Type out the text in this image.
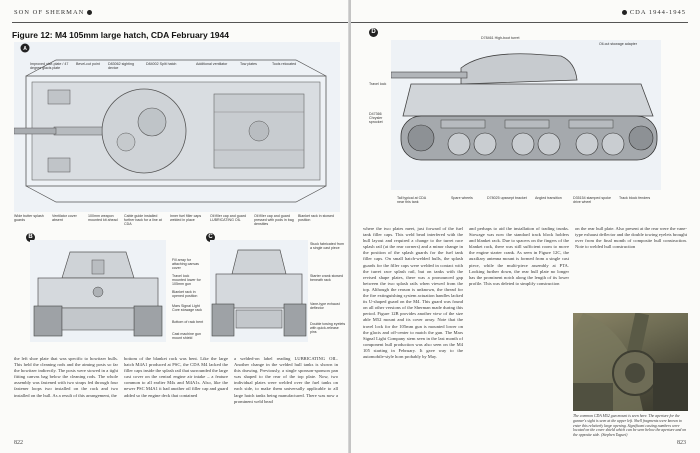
SON OF SHERMAN
Figure 12: M4 105mm large hatch, CDA February 1944
A
Improved vise-plate / 47 degree glacis plate
Bevel-cut point	D83062 sighting device
D84002 Split hatch	Additional ventilator	Tow plates	Tools relocated
Wide butter splash guards
Ventilator cover absent
100mm weapon mounted kit ahead
Cable guide installed further back for a line at CDA
Inner fuel filler caps welded in place
Oil filler cap and guard LUBRICATING OIL
Oil filler cap and guard pressed with pods in bag densities
Blanket rack in stowed position
B
Fill array for attaching canvas cover
Travel lock mounted lower for 105mm gun
Blanket rack in opened position
Mars Signal Light Core stowage rack
Bottom of rack bent
Cast machine gun mount shield
C
Stuck fabricated from a single cast piece
Starter crank stowed beneath rack
Vane-type exhaust deflector
Double towing eyelets with quick-release pins
the left shoe plate that was specific to howitzer bulls. This held the cleaning rods and the aiming posts so far the howitzer indirectly. The posts were stowed in a tight fitting canvas bag below the cleaning rods. The whole assembly was fastened with two straps fed through four fastener loops two installed on the rack and two installed on the hull. As a result of this arrangement, the
bottom of the blanket rack was bent. Like the large hatch M4A1 produced at PSC, the CDA M4 lacked the filler caps inside the splash rail that surrounded the large cast cover on the central engine air intake – a feature common to all earlier M4s and M4A1s. Also, like the newer PSC M4A1 it had another oil filler cap and guard added so the engine deck that contained
a welded-on label reading LUBRICATING OIL. Another change in the welded hull tanks is shown in this drawing. Previously, a single sponson-sponson pan was shaped to the rear of the top plate. Now, two individual plates were welded over the fuel tanks on each side, to make them universally applicable to all large hatch tanks being manufactured. There was now a prominent weld bead
822
CDA 1944-1945
D
D78461 High-boot turret
Oil-cut stowage adapter
Travel lock
D47366 Chrysler sprocket
Tall typical at CDA near this tank
Spare wheels	D78025 upswept bracket Angled transition	D35154 stamped spoke drive wheel
Track block fenders
where the two plates meet, just forward of the fuel tank filler caps. This weld bead interfered with the hull layout and required a change to the turret race splash rail (at the rear corners) and a minor change in the position of the splash guards for the fuel tank filler caps. On small hatch-welded hulls, the splash guards for the filler caps were welded in contact with the turret race splash rail, but on tanks with the revised shape plates, there was a pronounced gap between the two splash rails when viewed from the top. Although the reason is unknown, the thread for the fire extinguishing system actuation handles lacked its U-shaped guard on the M4. This guard was found on all other versions of the Sherman made during this period. Figure 12B provides another view of the size able M52 mount and its cover array. Note that the travel lock for the 105mm gun is mounted lower on the glacis and off-center to match the gun. The Mars Signal Light Company stem seen in the last month of component hull production was also seen on the M4 105 starting in February. It gave way to the automobile-style horn probably by May.
and perhaps to aid the installation of trading trunks. Stowage was now the standard track block holders and blanket rack. Due to spacers on the fingers of the blanket rack, there was still sufficient room to move the engine starter crank. As seen in Figure 12C, the auxiliary antenna mount is formed from a single cast piece, while the multi-piece assembly at PTA. Looking further down, the rear hull plate no longer has the prominent notch along the length of its lower profile. This was deleted to simplify construction
on the rear hull plate. Also present at the rear were the vane-type exhaust deflector and the double towing eyelets brought over from the final month of composite hull construction. Note to welded hull construction
The common CDA M52 gun mount is seen here. The aperture for the gunner's sight is seen at the upper left. Shell fragments were known to enter this relatively large opening. Significant casting numbers were located on the cover shield which can be seen below the aperture and on the opposite side. (Stephen Taguet)
823
